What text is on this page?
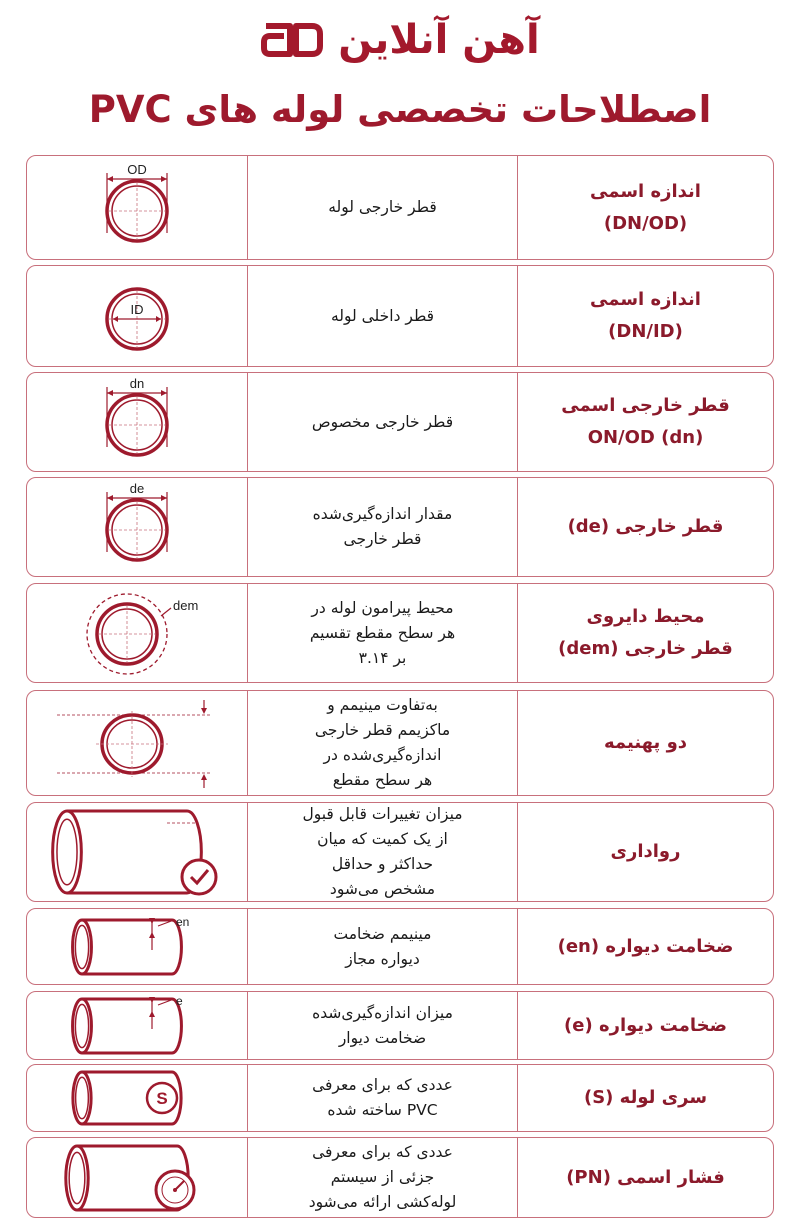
آهن آنلاین
اصطلاحات تخصصی لوله های PVC
OD
قطر خارجی لوله
اندازه اسمی
(DN/OD)
ID	قطر داخلی لوله
اندازه اسمی
(DN/ID)
dn
قطر خارجی مخصوص
قطر خارجی اسمی
(dn) ON/OD
de
مقدار اندازه‌گیری‌شده
قطر خارجی
قطر خارجی (de)
dem	محیط پیرامون لوله در
هر سطح مقطع تقسیم
بر ۳.۱۴
محیط دایروی
قطر خارجی (dem)
به‌تفاوت مینیمم و
ماکزیمم قطر خارجی
اندازه‌گیری‌شده در
هر سطح مقطع
دو پهنیمه
میزان تغییرات قابل قبول
از یک کمیت که میان
حداکثر و حداقل
مشخص می‌شود
رواداری
en
مینیمم ضخامت
دیواره مجاز
ضخامت دیواره (en)
e
میزان اندازه‌گیری‌شده
ضخامت دیوار
ضخامت دیواره (e)
S
عددی که برای معرفی
PVC ساخته شده
سری لوله (S)
عددی که برای معرفی
جزئی از سیستم
لوله‌کشی ارائه می‌شود
فشار اسمی (PN)
